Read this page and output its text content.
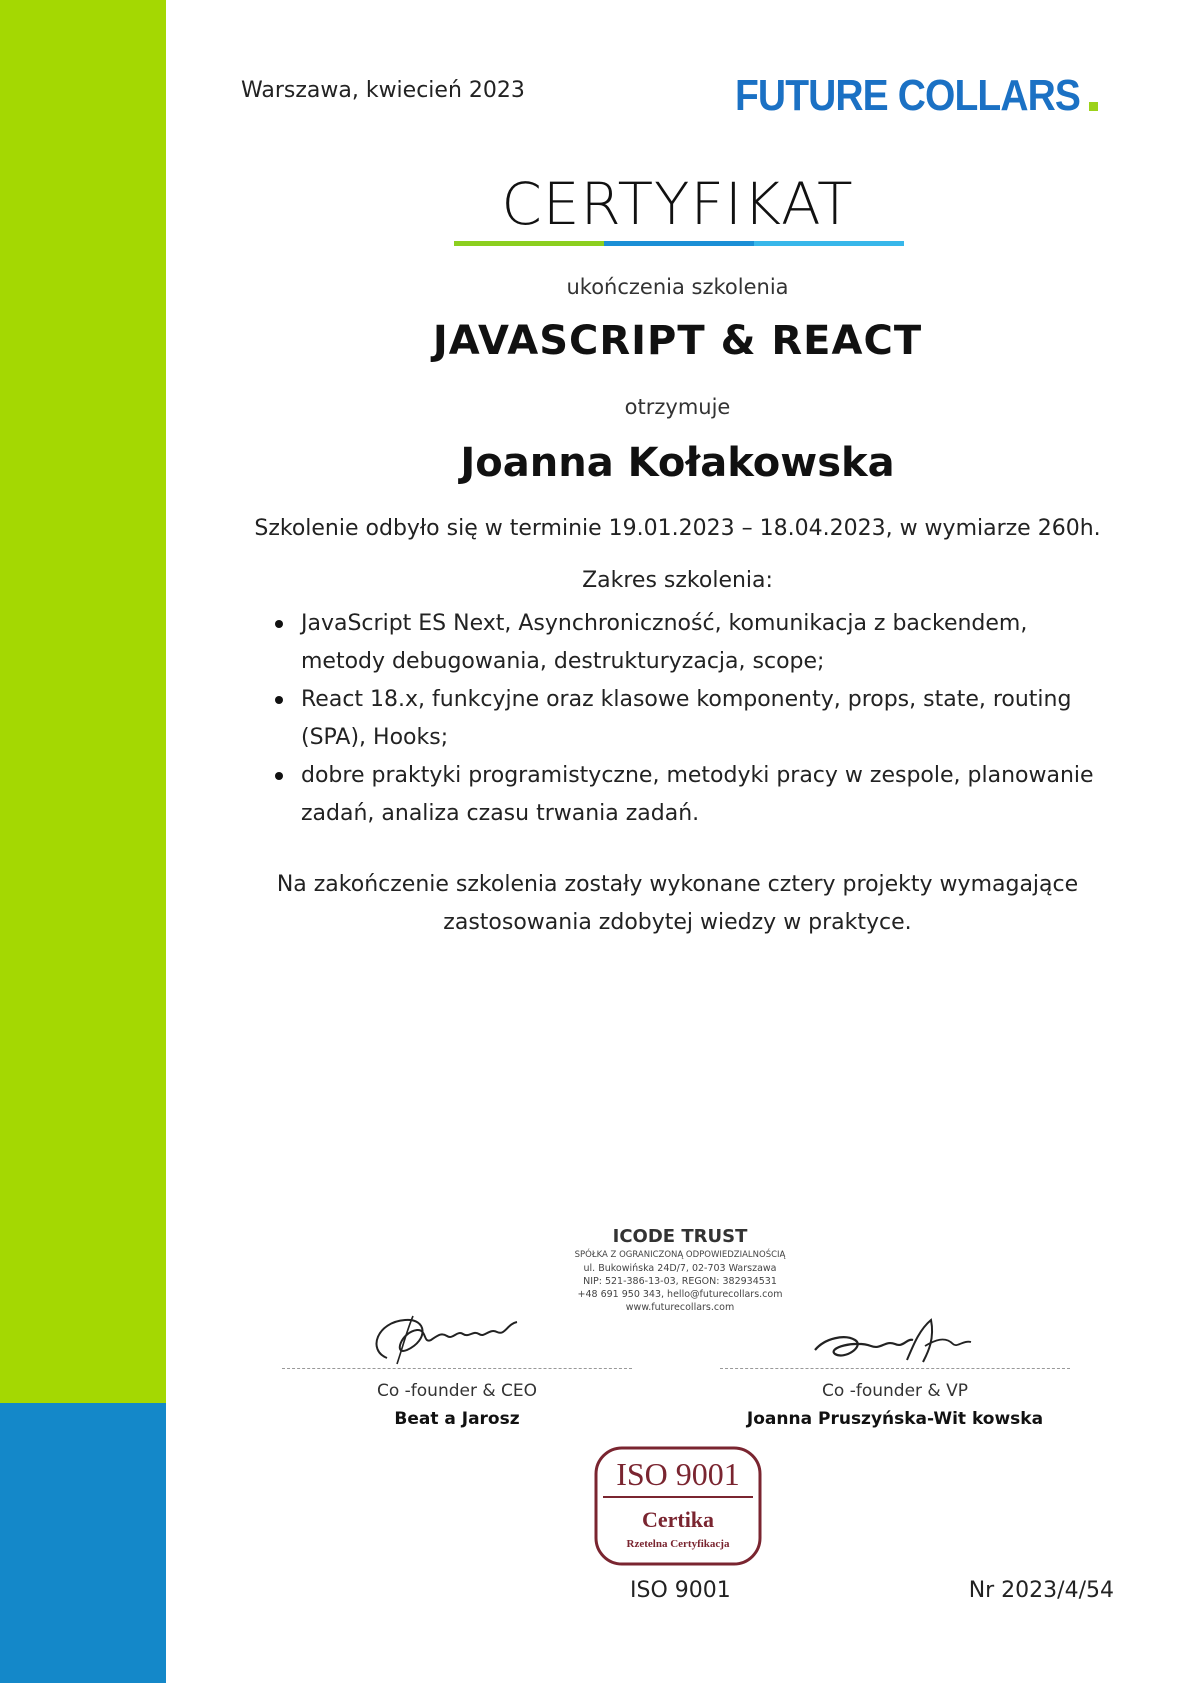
Warszawa, kwiecień 2023	FUTURE COLLARS
CERTYFIKAT
ukończenia szkolenia
JAVASCRIPT & REACT
otrzymuje
Joanna Kołakowska
Szkolenie odbyło się w terminie 19.01.2023 – 18.04.2023, w wymiarze 260h.
Zakres szkolenia:
JavaScript ES Next, Asynchroniczność, komunikacja z backendem, metody debugowania, destrukturyzacja, scope;
React 18.x, funkcyjne oraz klasowe komponenty, props, state, routing (SPA), Hooks;
dobre praktyki programistyczne, metodyki pracy w zespole, planowanie zadań, analiza czasu trwania zadań.
Na zakończenie szkolenia zostały wykonane cztery projekty wymagające zastosowania zdobytej wiedzy w praktyce.
ICODE TRUST
SPÓŁKA Z OGRANICZONĄ ODPOWIEDZIALNOŚCIĄ
ul. Bukowińska 24D/7, 02-703 Warszawa
NIP: 521-386-13-03, REGON: 382934531
+48 691 950 343, hello@futurecollars.com
www.futurecollars.com
Co -founder & CEO
Beat a Jarosz
Co -founder & VP
Joanna Pruszyńska-Wit kowska
ISO 9001
Certika
Rzetelna Certyfikacja
ISO 9001	Nr 2023/4/54
